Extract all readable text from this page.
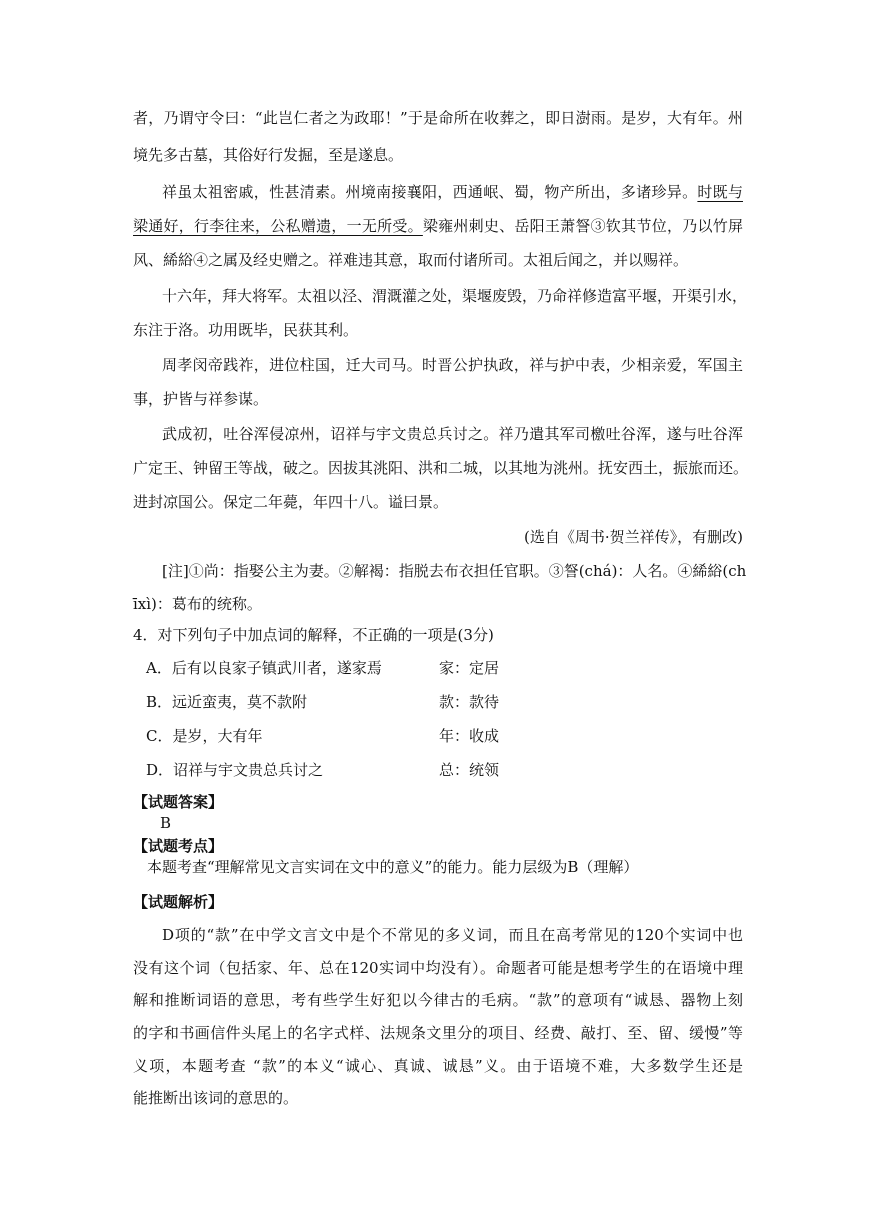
者，乃谓守令曰：“此岂仁者之为政耶！”于是命所在收葬之，即日澍雨。是岁，大有年。州
境先多古墓，其俗好行发掘，至是遂息。
祥虽太祖密戚，性甚清素。州境南接襄阳，西通岷、蜀，物产所出，多诸珍异。时既与
梁通好，行李往来，公私赠遗，一无所受。梁雍州刺史、岳阳王萧詧③钦其节位，乃以竹屏
风、絺綌④之属及经史赠之。祥难违其意，取而付诸所司。太祖后闻之，并以赐祥。
十六年，拜大将军。太祖以泾、渭溉灌之处，渠堰废毁，乃命祥修造富平堰，开渠引水，
东注于洛。功用既毕，民获其利。
周孝闵帝践祚，进位柱国，迁大司马。时晋公护执政，祥与护中表，少相亲爱，军国主
事，护皆与祥参谋。
武成初，吐谷浑侵凉州，诏祥与宇文贵总兵讨之。祥乃遣其军司檄吐谷浑，遂与吐谷浑
广定王、钟留王等战，破之。因拔其洮阳、洪和二城，以其地为洮州。抚安西土，振旅而还。
进封凉国公。保定二年薨，年四十八。谥曰景。
(选自《周书·贺兰祥传》，有删改)
[注]①尚：指娶公主为妻。②解褐：指脱去布衣担任官职。③詧(chá)：人名。④絺綌(ch
īxì)：葛布的统称。
4．对下列句子中加点词的解释，不正确的一项是(3分)
A．后有以良家子镇武川者，遂家焉	家：定居
B．远近蛮夷，莫不款附	款：款待
C．是岁，大有年	年：收成
D．诏祥与宇文贵总兵讨之	总：统领
【试题答案】
B
【试题考点】
本题考查“理解常见文言实词在文中的意义”的能力。能力层级为B（理解）
【试题解析】
D项的“款”在中学文言文中是个不常见的多义词，而且在高考常见的120个实词中也
没有这个词（包括家、年、总在120实词中均没有）。命题者可能是想考学生的在语境中理
解和推断词语的意思，考有些学生好犯以今律古的毛病。“款”的意项有“诚恳、器物上刻
的字和书画信件头尾上的名字式样、法规条文里分的项目、经费、敲打、至、留、缓慢”等
义项，本题考查 “款”的本义“诚心、真诚、诚恳”义。由于语境不难，大多数学生还是
能推断出该词的意思的。
